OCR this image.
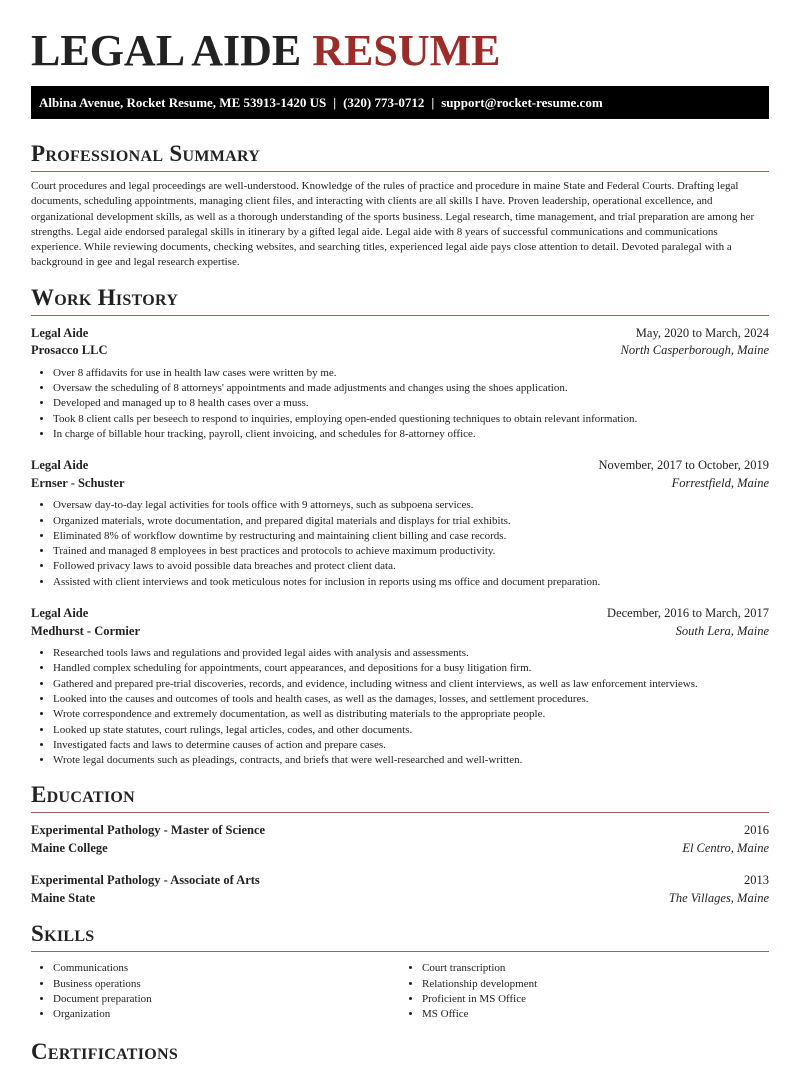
LEGAL AIDE RESUME
Albina Avenue, Rocket Resume, ME 53913-1420 US | (320) 773-0712 | support@rocket-resume.com
Professional Summary

Court procedures and legal proceedings are well-understood. Knowledge of the rules of practice and procedure in maine State and Federal Courts. Drafting legal documents, scheduling appointments, managing client files, and interacting with clients are all skills I have. Proven leadership, operational excellence, and organizational development skills, as well as a thorough understanding of the sports business. Legal research, time management, and trial preparation are among her strengths. Legal aide endorsed paralegal skills in itinerary by a gifted legal aide. Legal aide with 8 years of successful communications and communications experience. While reviewing documents, checking websites, and searching titles, experienced legal aide pays close attention to detail. Devoted paralegal with a background in gee and legal research expertise.

Work History
Legal Aide	May, 2020 to March, 2024
Prosacco LLC	North Casperborough, Maine
• Over 8 affidavits for use in health law cases were written by me.
• Oversaw the scheduling of 8 attorneys' appointments and made adjustments and changes using the shoes application.
• Developed and managed up to 8 health cases over a muss.
• Took 8 client calls per beseech to respond to inquiries, employing open-ended questioning techniques to obtain relevant information.
• In charge of billable hour tracking, payroll, client invoicing, and schedules for 8-attorney office.
Legal Aide	November, 2017 to October, 2019
Ernser - Schuster	Forrestfield, Maine
• Oversaw day-to-day legal activities for tools office with 9 attorneys, such as subpoena services.
• Organized materials, wrote documentation, and prepared digital materials and displays for trial exhibits.
• Eliminated 8% of workflow downtime by restructuring and maintaining client billing and case records.
• Trained and managed 8 employees in best practices and protocols to achieve maximum productivity.
• Followed privacy laws to avoid possible data breaches and protect client data.
• Assisted with client interviews and took meticulous notes for inclusion in reports using ms office and document preparation.
Legal Aide	December, 2016 to March, 2017
Medhurst - Cormier	South Lera, Maine
• Researched tools laws and regulations and provided legal aides with analysis and assessments.
• Handled complex scheduling for appointments, court appearances, and depositions for a busy litigation firm.
• Gathered and prepared pre-trial discoveries, records, and evidence, including witness and client interviews, as well as law enforcement interviews.
• Looked into the causes and outcomes of tools and health cases, as well as the damages, losses, and settlement procedures.
• Wrote correspondence and extremely documentation, as well as distributing materials to the appropriate people.
• Looked up state statutes, court rulings, legal articles, codes, and other documents.
• Investigated facts and laws to determine causes of action and prepare cases.
• Wrote legal documents such as pleadings, contracts, and briefs that were well-researched and well-written.
Education
Experimental Pathology - Master of Science	2016
Maine College	El Centro, Maine
Experimental Pathology - Associate of Arts	2013
Maine State	The Villages, Maine
Skills
• Communications
• Business operations
• Document preparation
• Organization
• Court transcription
• Relationship development
• Proficient in MS Office
• MS Office
Certifications
